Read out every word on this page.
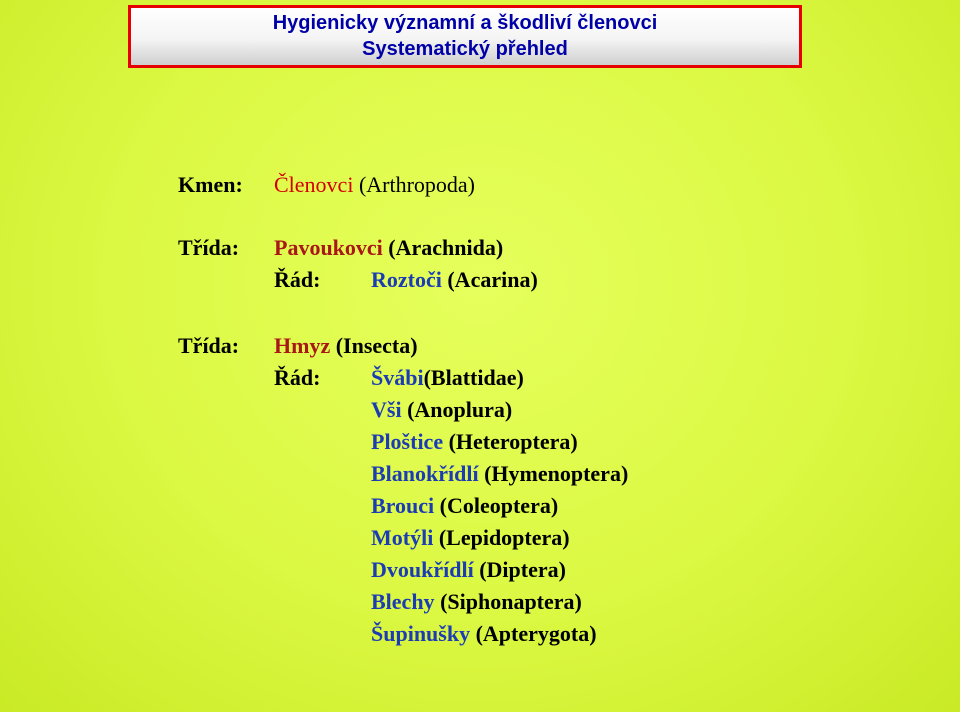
Hygienicky významní a škodliví členovci
Systematický přehled
Kmen: Členovci (Arthropoda)
Třída: Pavoukovci (Arachnida)
Řád: Roztoči (Acarina)
Třída: Hmyz (Insecta)
Řád: Švábi(Blattidae)
Vši (Anoplura)
Ploštice (Heteroptera)
Blanokřídlí (Hymenoptera)
Brouci (Coleoptera)
Motýli (Lepidoptera)
Dvoukřídlí (Diptera)
Blechy (Siphonaptera)
Šupinušky (Apterygota)
